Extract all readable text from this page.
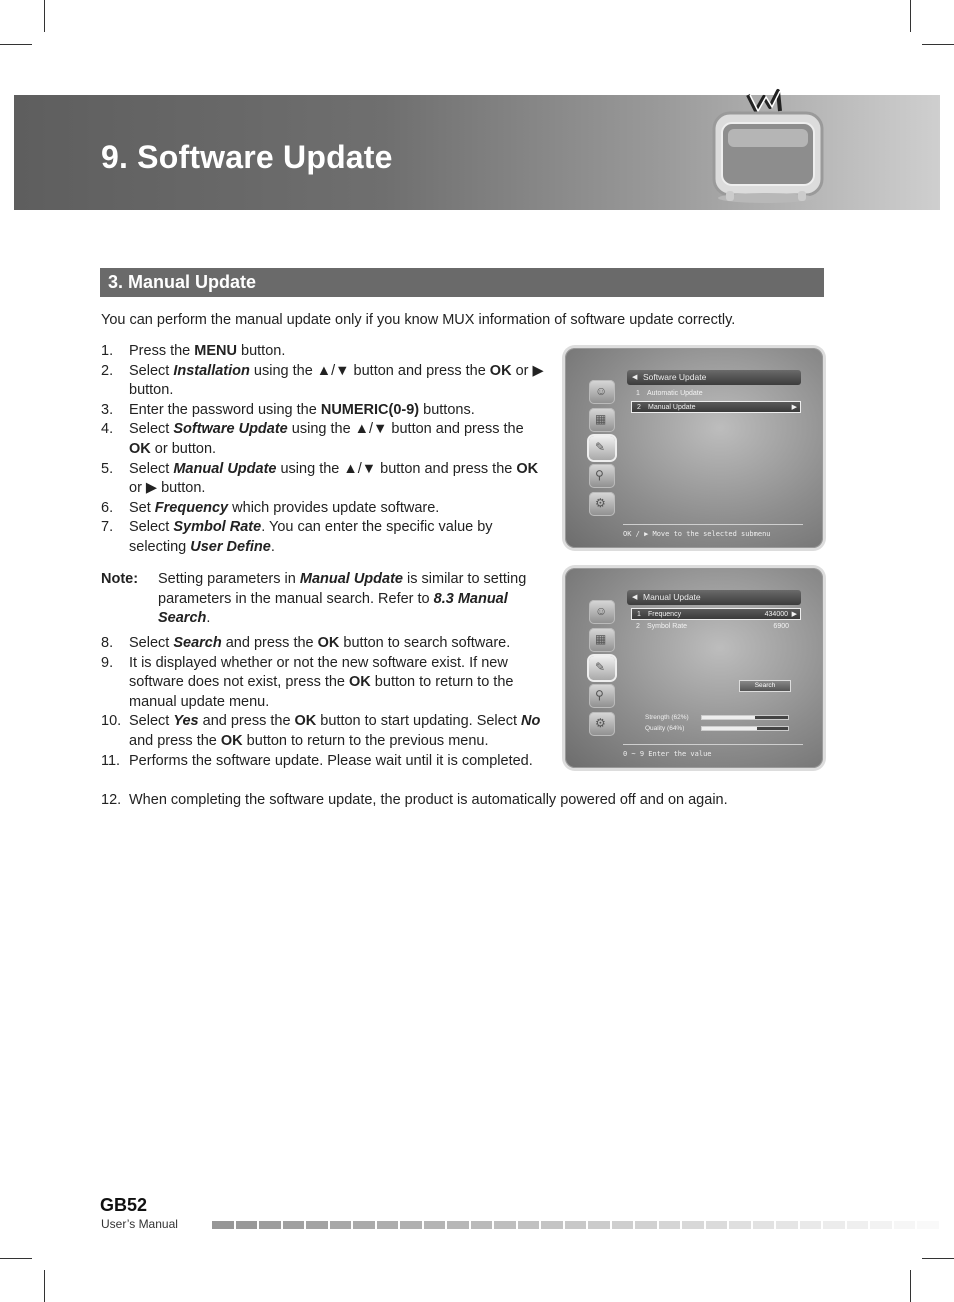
9. Software Update
3. Manual Update
You can perform the manual update only if you know MUX information of software update correctly.
1. Press the MENU button.
2. Select Installation using the ▲/▼ button and press the OK or ▶ button.
3. Enter the password using the NUMERIC(0-9) buttons.
4. Select Software Update using the ▲/▼ button and press the OK or button.
5. Select Manual Update using the ▲/▼ button and press the OK or ▶ button.
6. Set Frequency which provides update software.
7. Select Symbol Rate. You can enter the specific value by selecting User Define.
Note: Setting parameters in Manual Update is similar to setting parameters in the manual search. Refer to 8.3 Manual Search.
8. Select Search and press the OK button to search software.
9. It is displayed whether or not the new software exist. If new software does not exist, press the OK button to return to the manual update menu.
10. Select Yes and press the OK button to start updating. Select No and press the OK button to return to the previous menu.
11. Performs the software update. Please wait until it is completed.
12. When completing the software update, the product is automatically powered off and on again.
☺
▦
✎
⚲
⚙
◀ Software Update
1 Automatic Update
2 Manual Update	▶
OK / ▶ Move to the selected submenu
☺
▦
✎
⚲
⚙
◀ Manual Update
1 Frequency	434000 ▶
2 Symbol Rate	6900
Search
Strength (62%)
Quality (64%)
0 ~ 9 Enter the value
GB52
User’s Manual
